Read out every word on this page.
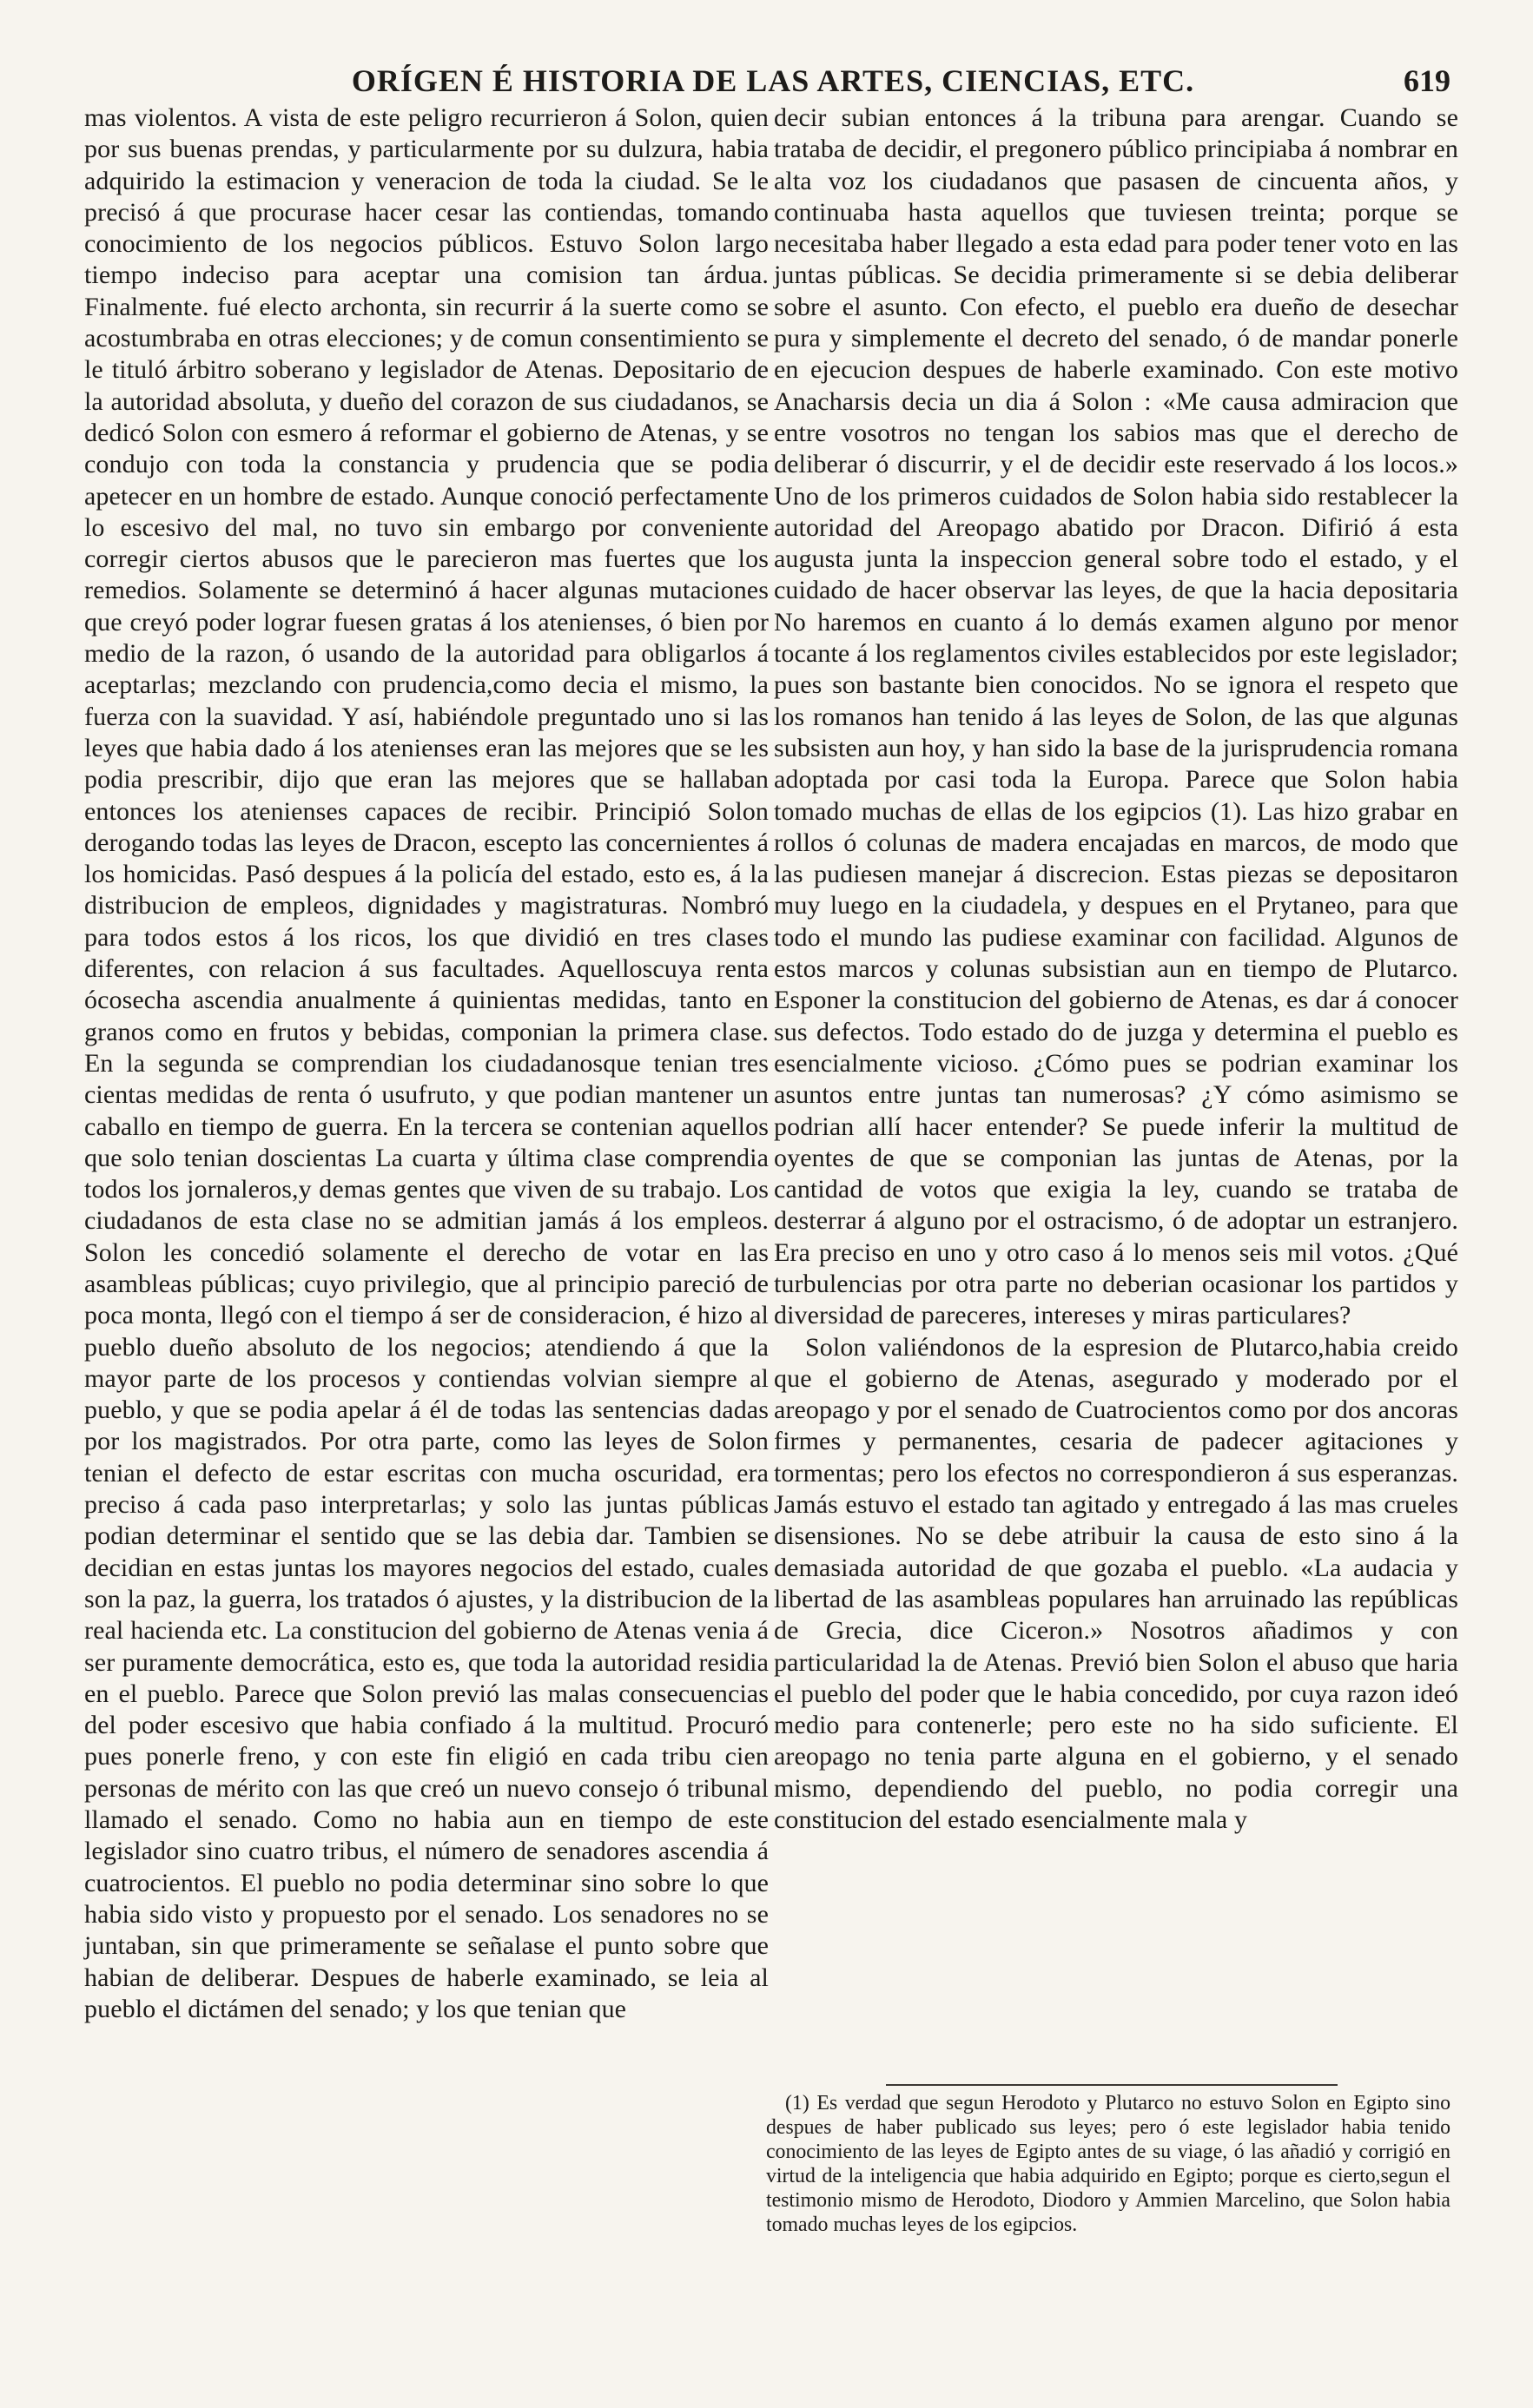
ORÍGEN É HISTORIA DE LAS ARTES, CIENCIAS, ETC.	619

mas violentos. A vista de este peligro recurrieron á Solon, quien por sus buenas prendas, y particularmente por su dulzura, habia adquirido la estimacion y veneracion de toda la ciudad. Se le precisó á que procurase hacer cesar las contiendas, tomando conocimiento de los negocios públicos. Estuvo Solon largo tiempo indeciso para aceptar una comision tan árdua. Finalmente. fué electo archonta, sin recurrir á la suerte como se acostumbraba en otras elecciones; y de comun consentimiento se le tituló árbitro soberano y legislador de Atenas. Depositario de la autoridad absoluta, y dueño del corazon de sus ciudadanos, se dedicó Solon con esmero á reformar el gobierno de Atenas, y se condujo con toda la constancia y prudencia que se podia apetecer en un hombre de estado. Aunque conoció perfectamente lo escesivo del mal, no tuvo sin embargo por conveniente corregir ciertos abusos que le parecieron mas fuertes que los remedios. Solamente se determinó á hacer algunas mutaciones que creyó poder lograr fuesen gratas á los atenienses, ó bien por medio de la razon, ó usando de la autoridad para obligarlos á aceptarlas; mezclando con prudencia,como decia el mismo, la fuerza con la suavidad. Y así, habiéndole preguntado uno si las leyes que habia dado á los atenienses eran las mejores que se les podia prescribir, dijo que eran las mejores que se hallaban entonces los atenienses capaces de recibir. Principió Solon derogando todas las leyes de Dracon, escepto las concernientes á los homicidas. Pasó despues á la policía del estado, esto es, á la distribucion de empleos, dignidades y magistraturas. Nombró para todos estos á los ricos, los que dividió en tres clases diferentes, con relacion á sus facultades. Aquelloscuya renta ócosecha ascendia anualmente á quinientas medidas, tanto en granos como en frutos y bebidas, componian la primera clase. En la segunda se comprendian los ciudadanosque tenian tres cientas medidas de renta ó usufruto, y que podian mantener un caballo en tiempo de guerra. En la tercera se contenian aquellos que solo tenian doscientas La cuarta y última clase comprendia todos los jornaleros,y demas gentes que viven de su trabajo. Los ciudadanos de esta clase no se admitian jamás á los empleos. Solon les concedió solamente el derecho de votar en las asambleas públicas; cuyo privilegio, que al principio pareció de poca monta, llegó con el tiempo á ser de consideracion, é hizo al pueblo dueño absoluto de los negocios; atendiendo á que la mayor parte de los procesos y contiendas volvian siempre al pueblo, y que se podia apelar á él de todas las sentencias dadas por los magistrados. Por otra parte, como las leyes de Solon tenian el defecto de estar escritas con mucha oscuridad, era preciso á cada paso interpretarlas; y solo las juntas públicas podian determinar el sentido que se las debia dar. Tambien se decidian en estas juntas los mayores negocios del estado, cuales son la paz, la guerra, los tratados ó ajustes, y la distribucion de la real hacienda etc. La constitucion del gobierno de Atenas venia á ser puramente democrática, esto es, que toda la autoridad residia en el pueblo. Parece que Solon previó las malas consecuencias del poder escesivo que habia confiado á la multitud. Procuró pues ponerle freno, y con este fin eligió en cada tribu cien personas de mérito con las que creó un nuevo consejo ó tribunal llamado el senado. Como no habia aun en tiempo de este legislador sino cuatro tribus, el número de senadores ascendia á cuatrocientos. El pueblo no podia determinar sino sobre lo que habia sido visto y propuesto por el senado. Los senadores no se juntaban, sin que primeramente se señalase el punto sobre que habian de deliberar. Despues de haberle examinado, se leia al pueblo el dictámen del senado; y los que tenian que

decir subian entonces á la tribuna para arengar. Cuando se trataba de decidir, el pregonero público principiaba á nombrar en alta voz los ciudadanos que pasasen de cincuenta años, y continuaba hasta aquellos que tuviesen treinta; porque se necesitaba haber llegado a esta edad para poder tener voto en las juntas públicas. Se decidia primeramente si se debia deliberar sobre el asunto. Con efecto, el pueblo era dueño de desechar pura y simplemente el decreto del senado, ó de mandar ponerle en ejecucion despues de haberle examinado. Con este motivo Anacharsis decia un dia á Solon : «Me causa admiracion que entre vosotros no tengan los sabios mas que el derecho de deliberar ó discurrir, y el de decidir este reservado á los locos.» Uno de los primeros cuidados de Solon habia sido restablecer la autoridad del Areopago abatido por Dracon. Difirió á esta augusta junta la inspeccion general sobre todo el estado, y el cuidado de hacer observar las leyes, de que la hacia depositaria No haremos en cuanto á lo demás examen alguno por menor tocante á los reglamentos civiles establecidos por este legislador; pues son bastante bien conocidos. No se ignora el respeto que los romanos han tenido á las leyes de Solon, de las que algunas subsisten aun hoy, y han sido la base de la jurisprudencia romana adoptada por casi toda la Europa. Parece que Solon habia tomado muchas de ellas de los egipcios (1). Las hizo grabar en rollos ó colunas de madera encajadas en marcos, de modo que las pudiesen manejar á discrecion. Estas piezas se depositaron muy luego en la ciudadela, y despues en el Prytaneo, para que todo el mundo las pudiese examinar con facilidad. Algunos de estos marcos y colunas subsistian aun en tiempo de Plutarco. Esponer la constitucion del gobierno de Atenas, es dar á conocer sus defectos. Todo estado do de juzga y determina el pueblo es esencialmente vicioso. ¿Cómo pues se podrian examinar los asuntos entre juntas tan numerosas? ¿Y cómo asimismo se podrian allí hacer entender? Se puede inferir la multitud de oyentes de que se componian las juntas de Atenas, por la cantidad de votos que exigia la ley, cuando se trataba de desterrar á alguno por el ostracismo, ó de adoptar un estranjero. Era preciso en uno y otro caso á lo menos seis mil votos. ¿Qué turbulencias por otra parte no deberian ocasionar los partidos y diversidad de pareceres, intereses y miras particulares?

Solon valiéndonos de la espresion de Plutarco,habia creido que el gobierno de Atenas, asegurado y moderado por el areopago y por el senado de Cuatrocientos como por dos ancoras firmes y permanentes, cesaria de padecer agitaciones y tormentas; pero los efectos no correspondieron á sus esperanzas. Jamás estuvo el estado tan agitado y entregado á las mas crueles disensiones. No se debe atribuir la causa de esto sino á la demasiada autoridad de que gozaba el pueblo. «La audacia y libertad de las asambleas populares han arruinado las repúblicas de Grecia, dice Ciceron.» Nosotros añadimos y con particularidad la de Atenas. Previó bien Solon el abuso que haria el pueblo del poder que le habia concedido, por cuya razon ideó medio para contenerle; pero este no ha sido suficiente. El areopago no tenia parte alguna en el gobierno, y el senado mismo, dependiendo del pueblo, no podia corregir una constitucion del estado esencialmente mala y

(1) Es verdad que segun Herodoto y Plutarco no estuvo Solon en Egipto sino despues de haber publicado sus leyes; pero ó este legislador habia tenido conocimiento de las leyes de Egipto antes de su viage, ó las añadió y corrigió en virtud de la inteligencia que habia adquirido en Egipto; porque es cierto,segun el testimonio mismo de Herodoto, Diodoro y Ammien Marcelino, que Solon habia tomado muchas leyes de los egipcios.
